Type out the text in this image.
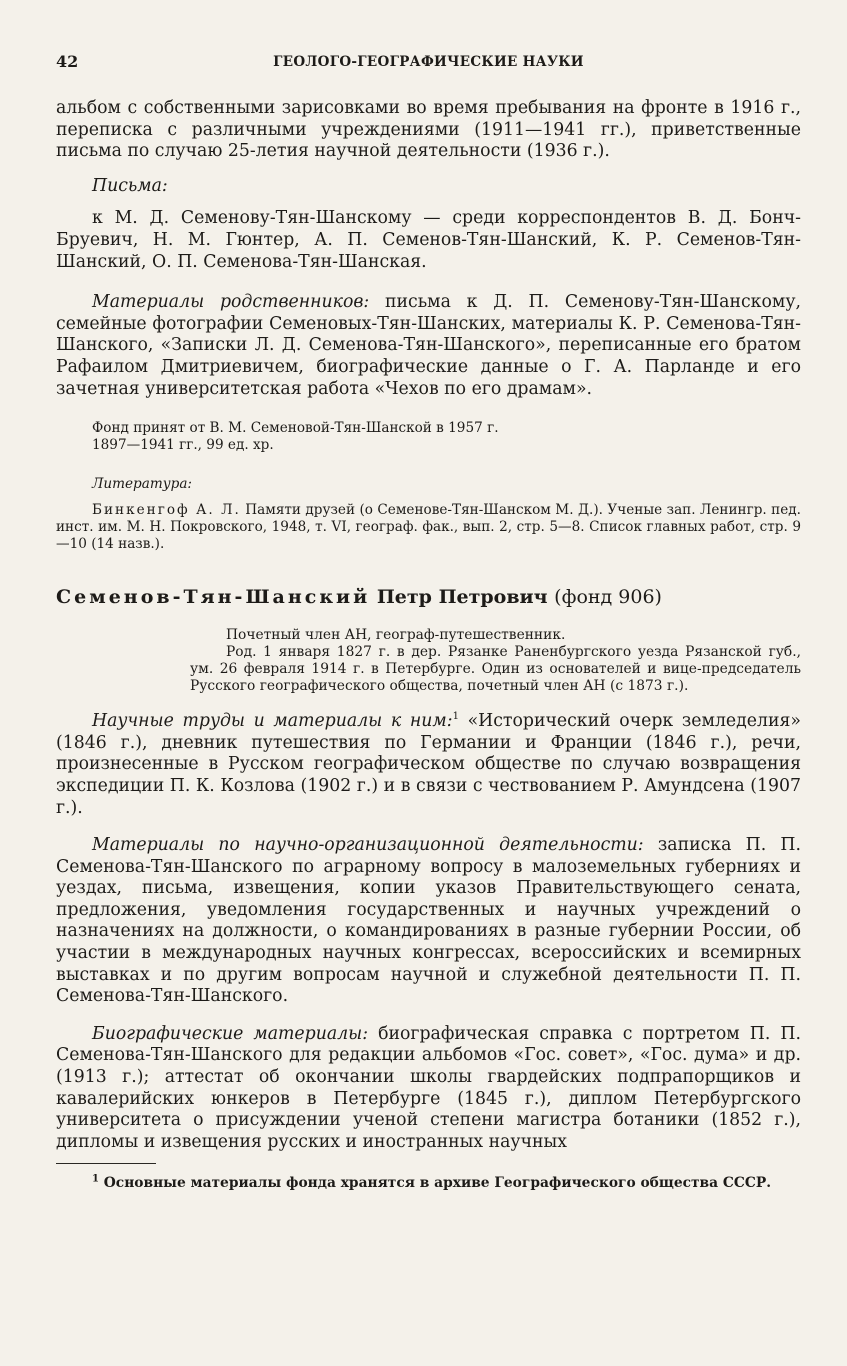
42	ГЕОЛОГО-ГЕОГРАФИЧЕСКИЕ НАУКИ

альбом с собственными зарисовками во время пребывания на фронте в 1916 г., переписка с различными учреждениями (1911—1941 гг.), приветственные письма по случаю 25-летия научной деятельности (1936 г.).

Письма:

к М. Д. Семенову-Тян-Шанскому — среди корреспондентов В. Д. Бонч-Бруевич, Н. М. Гюнтер, А. П. Семенов-Тян-Шанский, К. Р. Семенов-Тян-Шанский, О. П. Семенова-Тян-Шанская.

Материалы родственников: письма к Д. П. Семенову-Тян-Шанскому, семейные фотографии Семеновых-Тян-Шанских, материалы К. Р. Семенова-Тян-Шанского, «Записки Л. Д. Семенова-Тян-Шанского», переписанные его братом Рафаилом Дмитриевичем, биографические данные о Г. А. Парланде и его зачетная университетская работа «Чехов по его драмам».

Фонд принят от В. М. Семеновой-Тян-Шанской в 1957 г.

1897—1941 гг., 99 ед. хр.

Литература:

Бинкенгоф А. Л. Памяти друзей (о Семенове-Тян-Шанском М. Д.). Ученые зап. Ленингр. пед. инст. им. М. Н. Покровского, 1948, т. VI, географ. фак., вып. 2, стр. 5—8. Список главных работ, стр. 9—10 (14 назв.).

Семенов-Тян-Шанский Петр Петрович (фонд 906)

Почетный член АН, географ-путешественник.

Род. 1 января 1827 г. в дер. Рязанке Раненбургского уезда Рязанской губ., ум. 26 февраля 1914 г. в Петербурге. Один из основателей и вице-председатель Русского географического общества, почетный член АН (с 1873 г.).

Научные труды и материалы к ним:$^1$ «Исторический очерк земледелия» (1846 г.), дневник путешествия по Германии и Франции (1846 г.), речи, произнесенные в Русском географическом обществе по случаю возвращения экспедиции П. К. Козлова (1902 г.) и в связи с чествованием Р. Амундсена (1907 г.).

Материалы по научно-организационной деятельности: записка П. П. Семенова-Тян-Шанского по аграрному вопросу в малоземельных губерниях и уездах, письма, извещения, копии указов Правительствующего сената, предложения, уведомления государственных и научных учреждений о назначениях на должности, о командированиях в разные губернии России, об участии в международных научных конгрессах, всероссийских и всемирных выставках и по другим вопросам научной и служебной деятельности П. П. Семенова-Тян-Шанского.

Биографические материалы: биографическая справка с портретом П. П. Семенова-Тян-Шанского для редакции альбомов «Гос. совет», «Гос. дума» и др. (1913 г.); аттестат об окончании школы гвардейских подпрапорщиков и кавалерийских юнкеров в Петербурге (1845 г.), диплом Петербургского университета о присуждении ученой степени магистра ботаники (1852 г.), дипломы и извещения русских и иностранных научных

$^1$ Основные материалы фонда хранятся в архиве Географического общества СССР.
